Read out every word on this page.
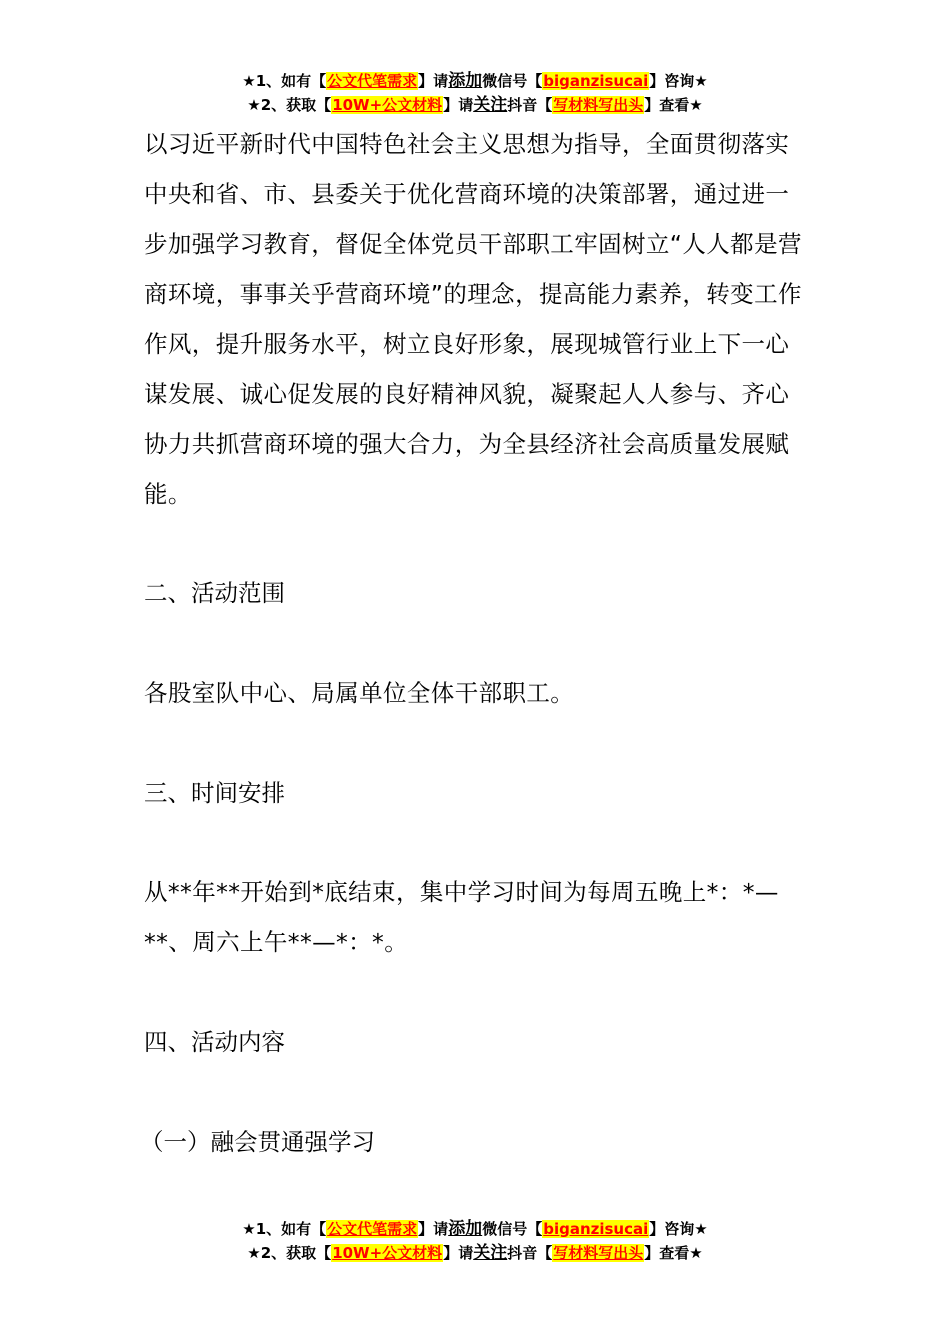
★1、如有【公文代笔需求】请添加微信号【biganzisucai】咨询★
★2、获取【10W+公文材料】请关注抖音【写材料写出头】查看★

以习近平新时代中国特色社会主义思想为指导，全面贯彻落实中央和省、市、县委关于优化营商环境的决策部署，通过进一步加强学习教育，督促全体党员干部职工牢固树立“人人都是营商环境，事事关乎营商环境”的理念，提高能力素养，转变工作作风，提升服务水平，树立良好形象，展现城管行业上下一心谋发展、诚心促发展的良好精神风貌，凝聚起人人参与、齐心协力共抓营商环境的强大合力，为全县经济社会高质量发展赋能。

二、活动范围

各股室队中心、局属单位全体干部职工。

三、时间安排

从**年**开始到*底结束，集中学习时间为每周五晚上*：*—**、周六上午**—*：*。

四、活动内容

（一）融会贯通强学习

★1、如有【公文代笔需求】请添加微信号【biganzisucai】咨询★
★2、获取【10W+公文材料】请关注抖音【写材料写出头】查看★
